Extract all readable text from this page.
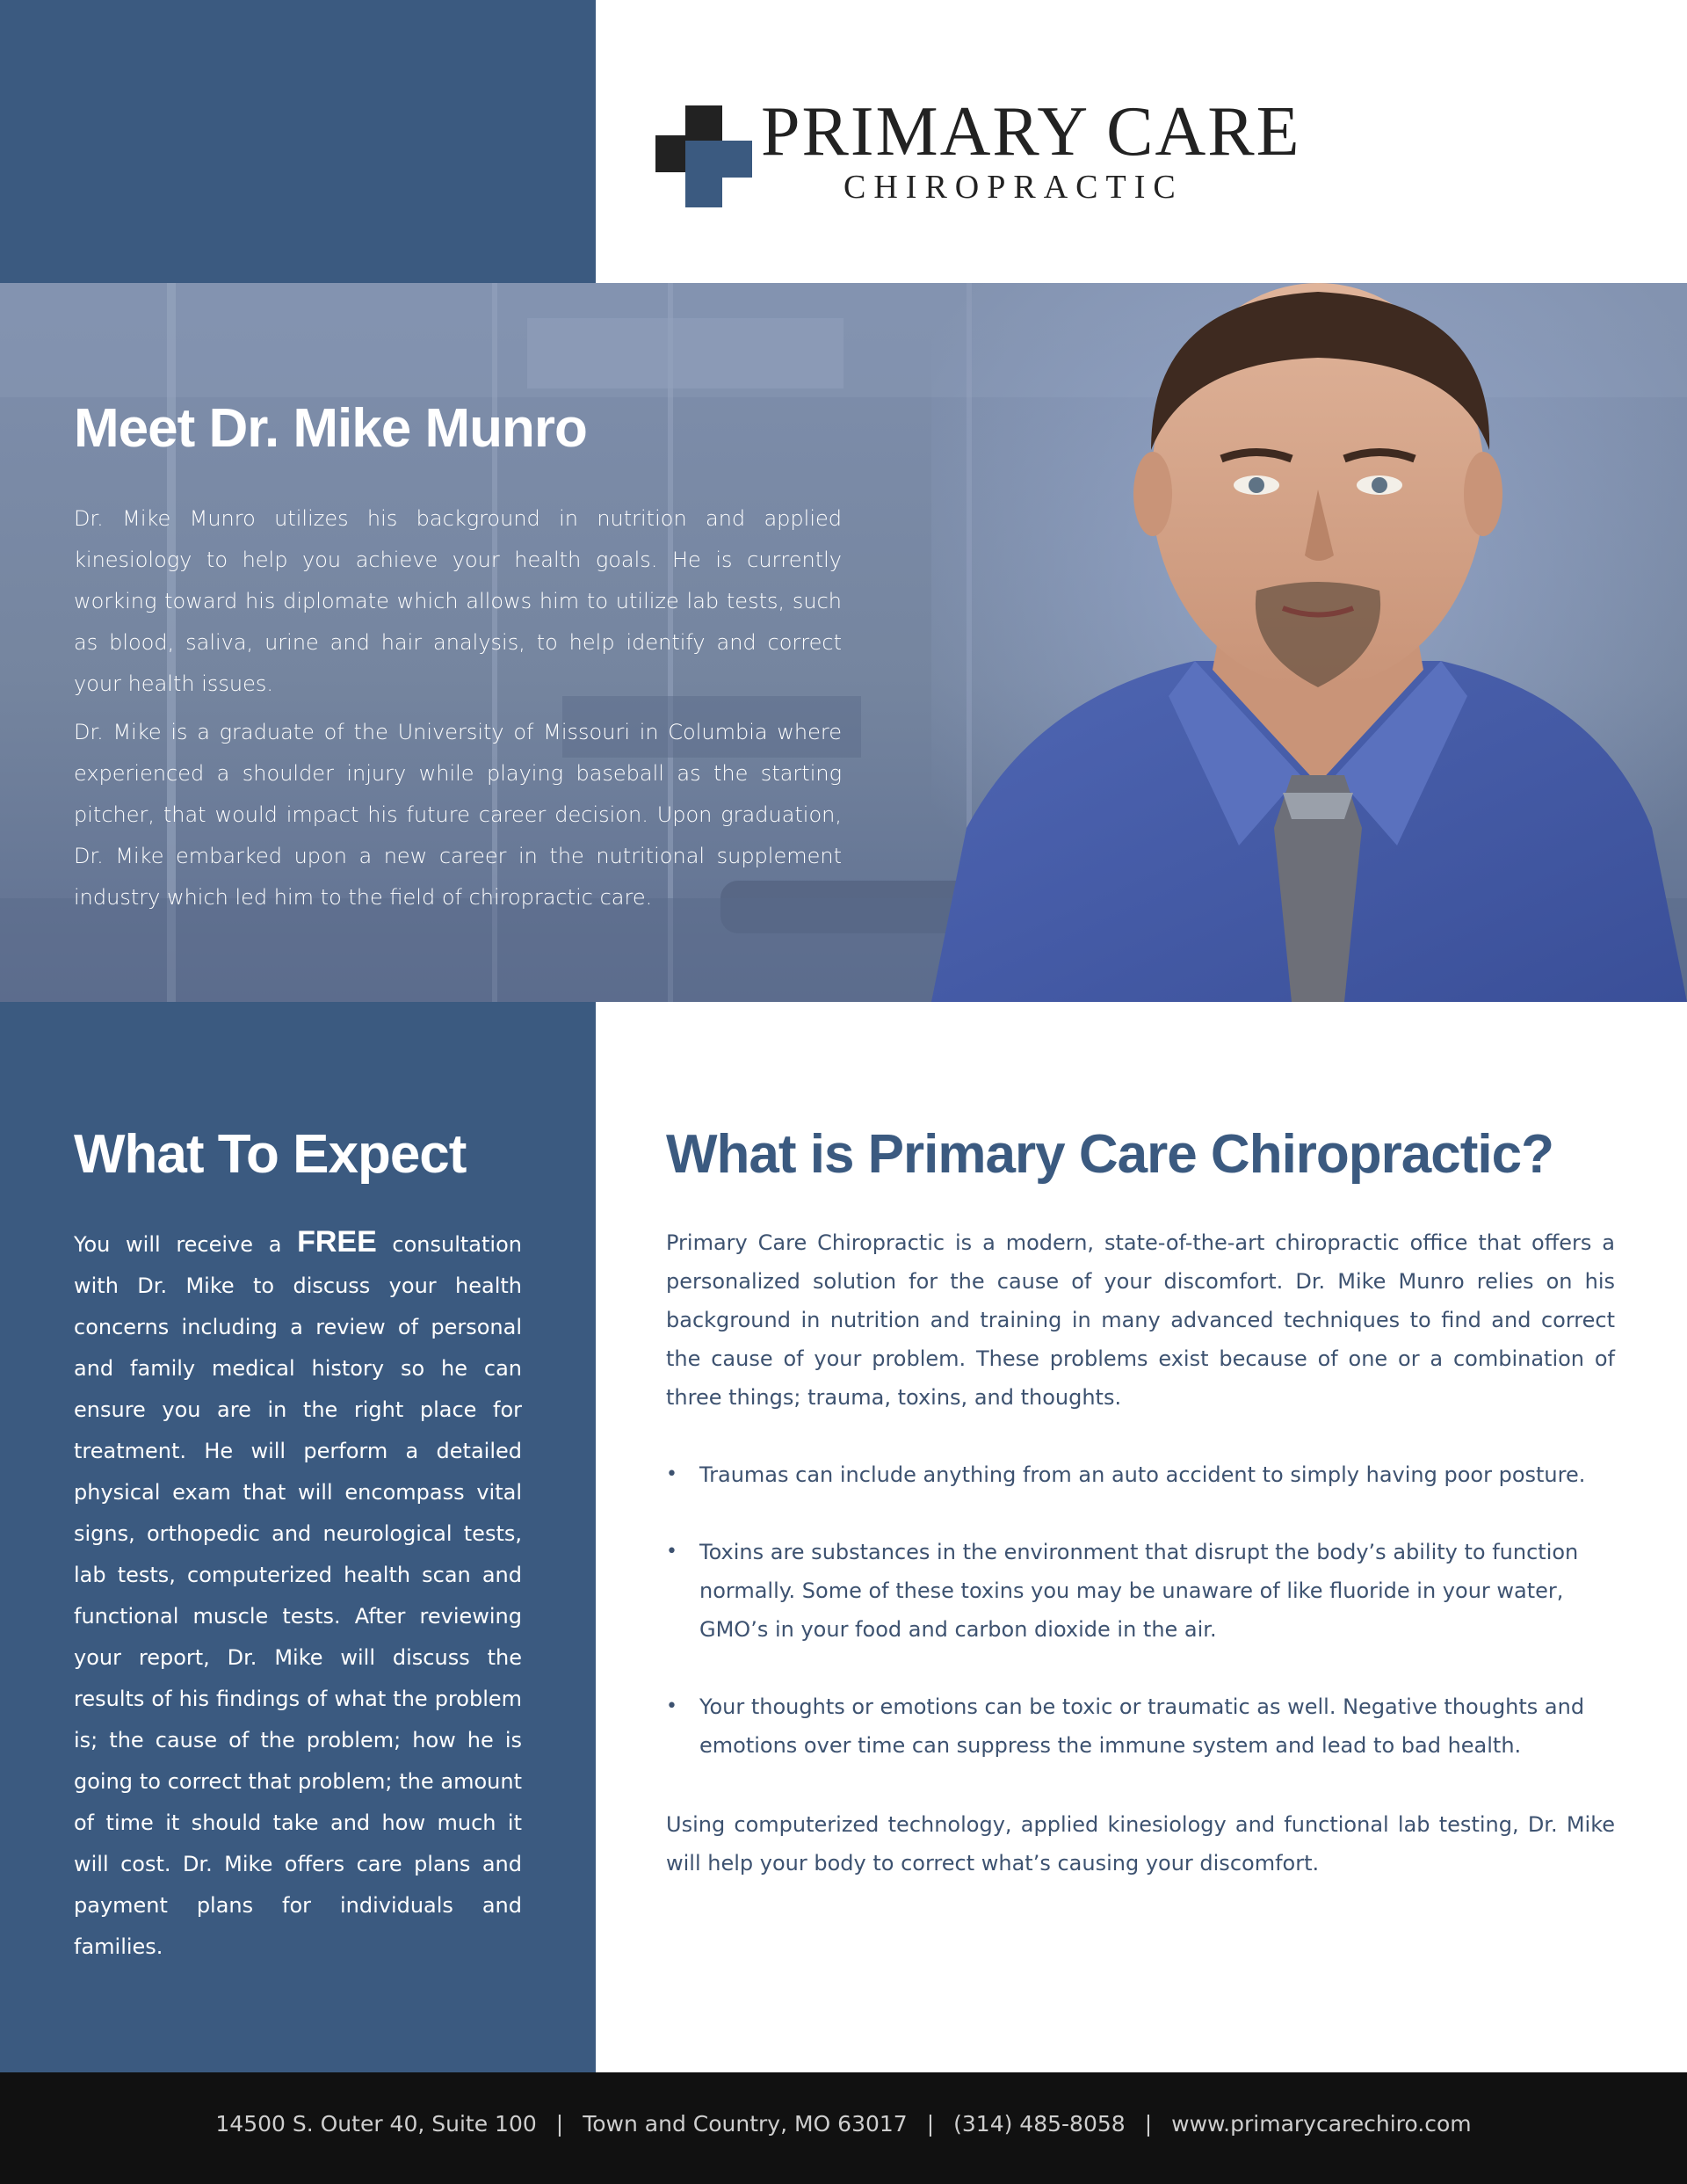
PRIMARY CARE
CHIROPRACTIC
Meet Dr. Mike Munro

Dr. Mike Munro utilizes his background in nutrition and applied kinesiology to help you achieve your health goals. He is currently working toward his diplomate which allows him to utilize lab tests, such as blood, saliva, urine and hair analysis, to help identify and correct your health issues.

Dr. Mike is a graduate of the University of Missouri in Columbia where experienced a shoulder injury while playing baseball as the starting pitcher, that would impact his future career decision. Upon graduation, Dr. Mike embarked upon a new career in the nutritional supplement industry which led him to the field of chiropractic care.

What To Expect

You will receive a FREE consultation with Dr. Mike to discuss your health concerns including a review of personal and family medical history so he can ensure you are in the right place for treatment. He will perform a detailed physical exam that will encompass vital signs, orthopedic and neurological tests, lab tests, computerized health scan and functional muscle tests. After reviewing your report, Dr. Mike will discuss the results of his findings of what the problem is; the cause of the problem; how he is going to correct that problem; the amount of time it should take and how much it will cost. Dr. Mike offers care plans and payment plans for individuals and families.

What is Primary Care Chiropractic?

Primary Care Chiropractic is a modern, state-of-the-art chiropractic office that offers a personalized solution for the cause of your discomfort. Dr. Mike Munro relies on his background in nutrition and training in many advanced techniques to find and correct the cause of your problem. These problems exist because of one or a combination of three things; trauma, toxins, and thoughts.

• Traumas can include anything from an auto accident to simply having poor posture.
• Toxins are substances in the environment that disrupt the body’s ability to function normally. Some of these toxins you may be unaware of like fluoride in your water, GMO’s in your food and carbon dioxide in the air.
• Your thoughts or emotions can be toxic or traumatic as well. Negative thoughts and emotions over time can suppress the immune system and lead to bad health.

Using computerized technology, applied kinesiology and functional lab testing, Dr. Mike will help your body to correct what’s causing your discomfort.

14500 S. Outer 40, Suite 100 | Town and Country, MO 63017 | (314) 485-8058 | www.primarycarechiro.com
